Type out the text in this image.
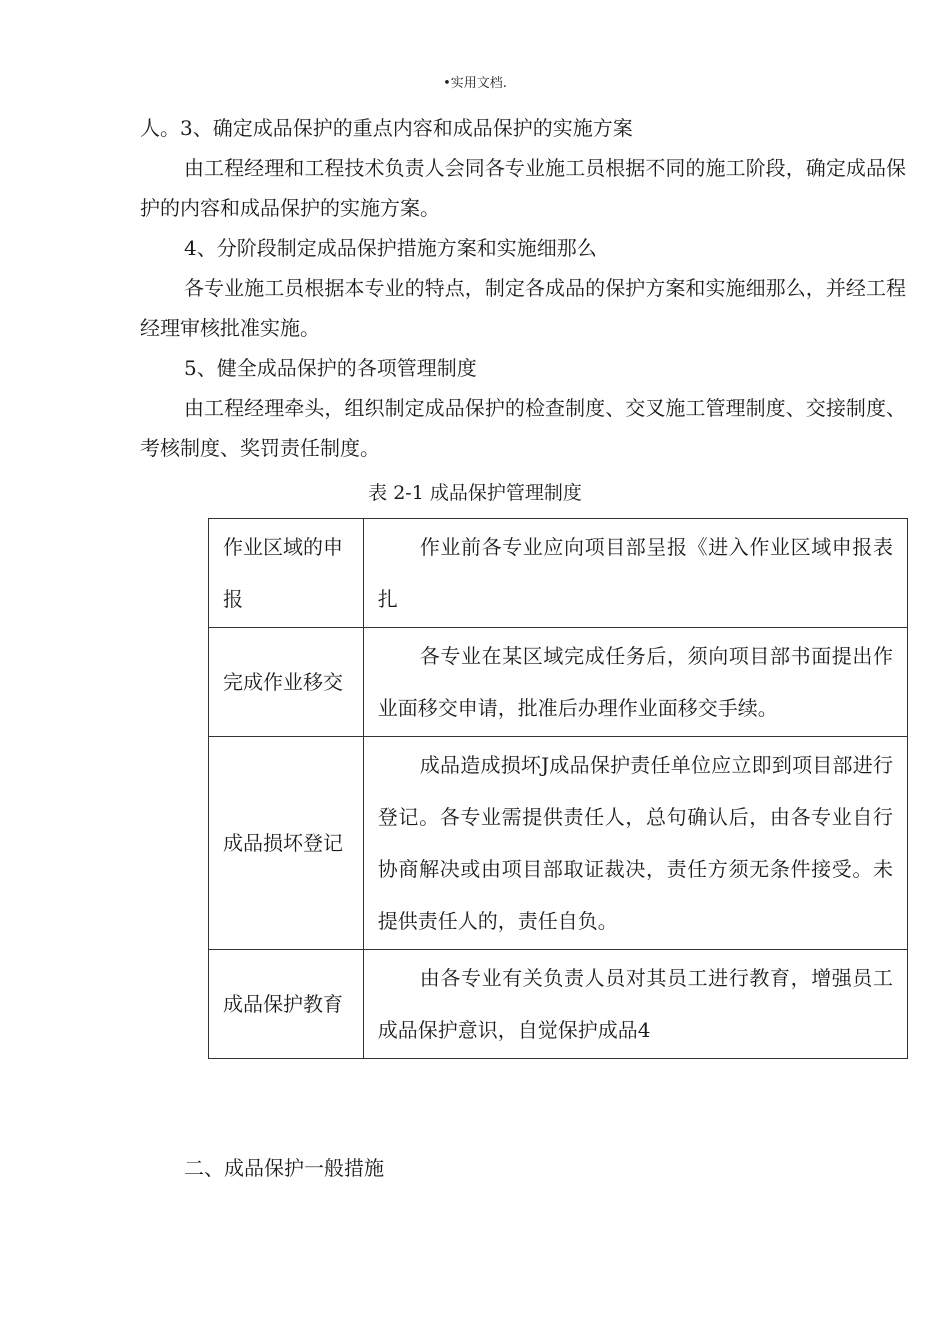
•实用文档.

人。3、确定成品保护的重点内容和成品保护的实施方案

由工程经理和工程技术负责人会同各专业施工员根据不同的施工阶段，确定成品保护的内容和成品保护的实施方案。

4、分阶段制定成品保护措施方案和实施细那么

各专业施工员根据本专业的特点，制定各成品的保护方案和实施细那么，并经工程经理审核批准实施。

5、健全成品保护的各项管理制度

由工程经理牵头，组织制定成品保护的检查制度、交叉施工管理制度、交接制度、考核制度、奖罚责任制度。

表 2-1 成品保护管理制度
作业区域的申报	作业前各专业应向项目部呈报《进入作业区域申报表扎
完成作业移交	各专业在某区域完成任务后，须向项目部书面提出作业面移交申请，批准后办理作业面移交手续。
成品损坏登记	成品造成损坏J成品保护责任单位应立即到项目部进行登记。各专业需提供责任人，总句确认后，由各专业自行协商解决或由项目部取证裁决，责任方须无条件接受。未提供责任人的，责任自负。
成品保护教育	由各专业有关负责人员对其员工进行教育，增强员工成品保护意识，自觉保护成品4
二、成品保护一般措施
